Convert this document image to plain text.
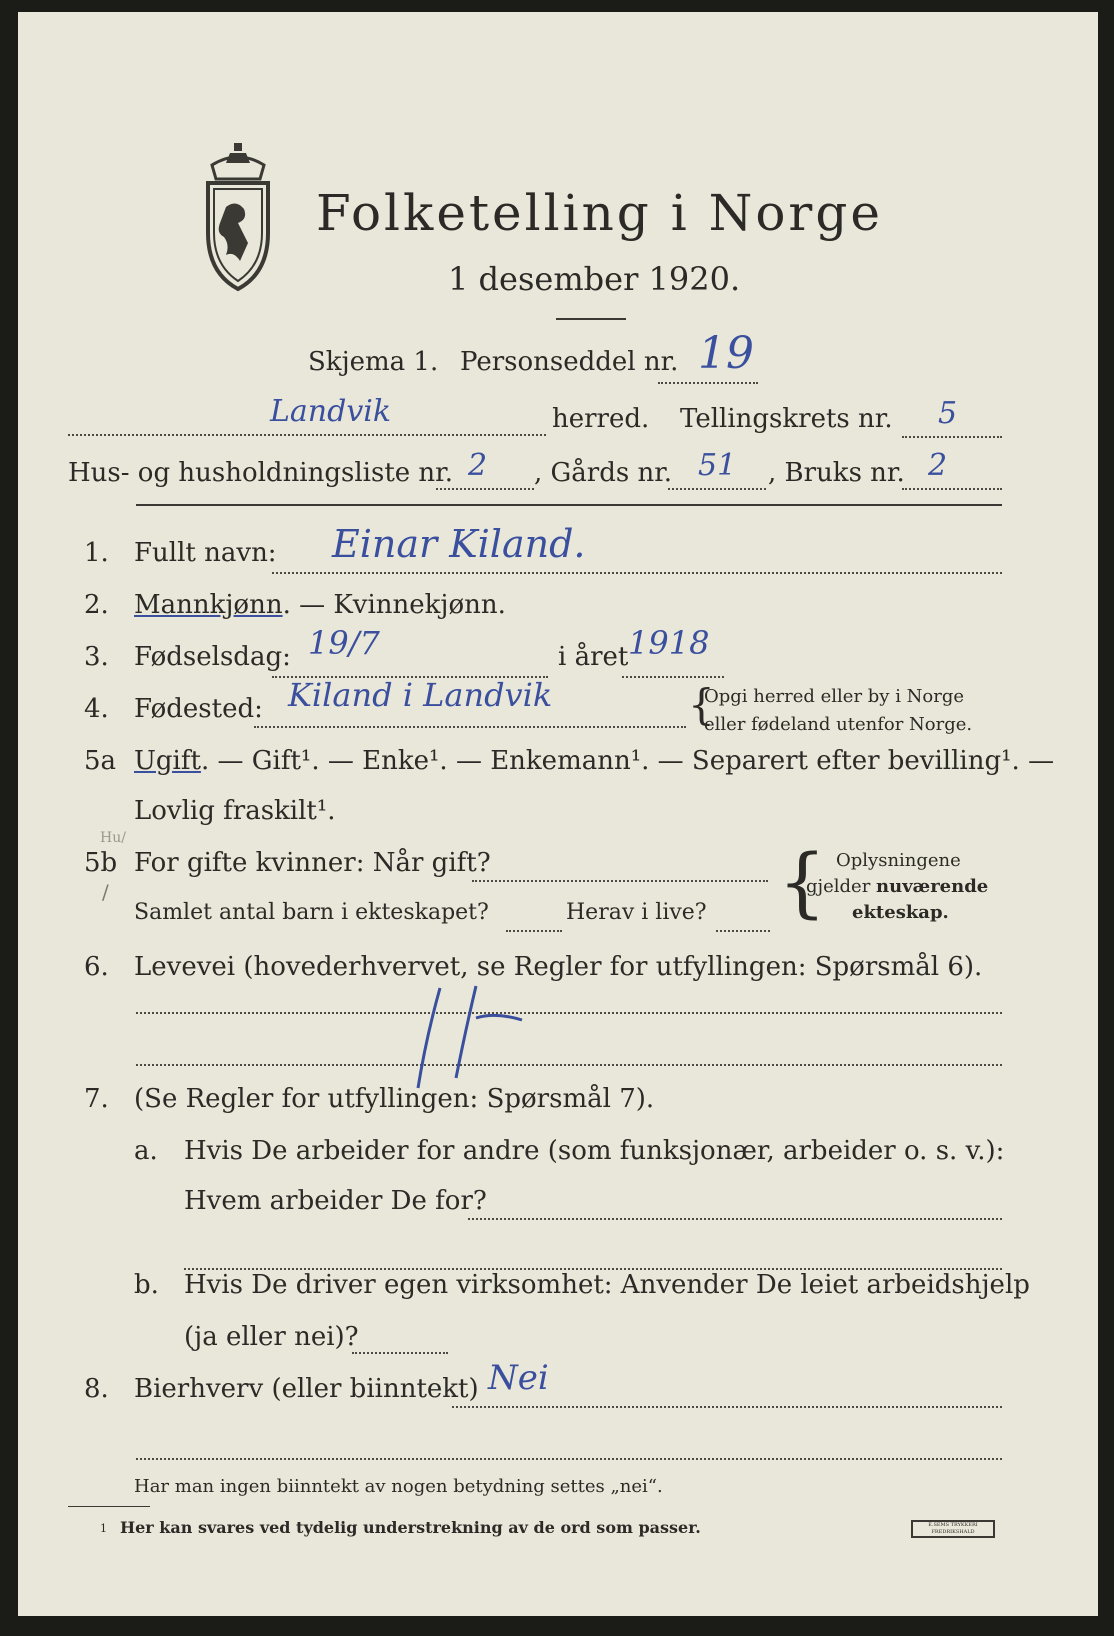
Folketelling i Norge
1 desember 1920.
Skjema 1. Personseddel nr. 19
Landvik	herred. Tellingskrets nr. 5
Hus- og husholdningsliste nr. 2 , Gårds nr. 51 , Bruks nr. 2
1. Fullt navn: Einar Kiland.
2. Mannkjønn. — Kvinnekjønn.
3. Fødselsdag: 19/7	i året 1918
4. Fødested: Kiland i Landvik	{
Opgi herred eller by i Norge
eller fødeland utenfor Norge.
5a Ugift. — Gift¹. — Enke¹. — Enkemann¹. — Separert efter bevilling¹. —
Lovlig fraskilt¹.
Hu/
/
5b For gifte kvinner: Når gift?
Samlet antal barn i ekteskapet?	Herav i live? { Oplysningene
gjelder nuværende
ekteskap.
6. Levevei (hovederhvervet, se Regler for utfyllingen: Spørsmål 6).
7. (Se Regler for utfyllingen: Spørsmål 7).
a. Hvis De arbeider for andre (som funksjonær, arbeider o. s. v.):
Hvem arbeider De for?
b. Hvis De driver egen virksomhet: Anvender De leiet arbeidshjelp
(ja eller nei)?
8. Bierhverv (eller biinntekt) Nei
Har man ingen biinntekt av nogen betydning settes „nei“.
1 Her kan svares ved tydelig understrekning av de ord som passer.	E.SEMS TRYKKERI FREDRIKSHALD
